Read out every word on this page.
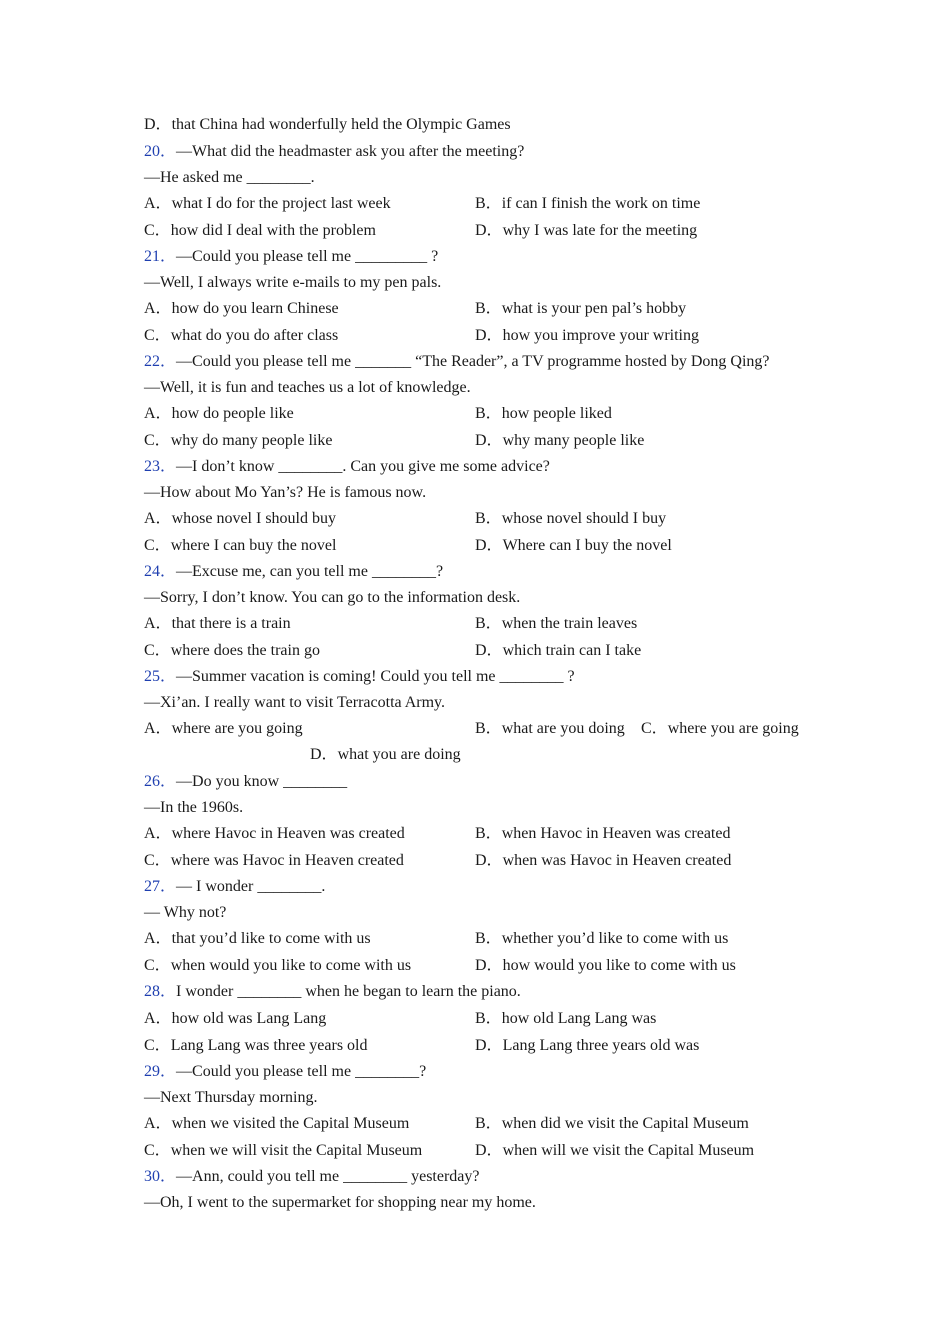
D．that China had wonderfully held the Olympic Games
20．—What did the headmaster ask you after the meeting?
—He asked me ________.
A．what I do for the project last week	B．if can I finish the work on time
C．how did I deal with the problem	D．why I was late for the meeting
21．—Could you please tell me _________ ?
—Well, I always write e-mails to my pen pals.
A．how do you learn Chinese	B．what is your pen pal’s hobby
C．what do you do after class	D．how you improve your writing
22．—Could you please tell me _______ “The Reader”, a TV programme hosted by Dong Qing?
—Well, it is fun and teaches us a lot of knowledge.
A．how do people like	B．how people liked
C．why do many people like	D．why many people like
23．—I don’t know ________. Can you give me some advice?
—How about Mo Yan’s? He is famous now.
A．whose novel I should buy	B．whose novel should I buy
C．where I can buy the novel	D．Where can I buy the novel
24．—Excuse me, can you tell me ________?
—Sorry, I don’t know. You can go to the information desk.
A．that there is a train	B．when the train leaves
C．where does the train go	D．which train can I take
25．—Summer vacation is coming! Could you tell me ________ ?
—Xi’an. I really want to visit Terracotta Army.
A．where are you going	B．what are you doing C．where you are going
D．what you are doing
26．—Do you know ________
—In the 1960s.
A．where Havoc in Heaven was created	B．when Havoc in Heaven was created
C．where was Havoc in Heaven created	D．when was Havoc in Heaven created
27．— I wonder ________.
— Why not?
A．that you’d like to come with us	B．whether you’d like to come with us
C．when would you like to come with us	D．how would you like to come with us
28．I wonder ________ when he began to learn the piano.
A．how old was Lang Lang	B．how old Lang Lang was
C．Lang Lang was three years old	D．Lang Lang three years old was
29．—Could you please tell me ________?
—Next Thursday morning.
A．when we visited the Capital Museum	B．when did we visit the Capital Museum
C．when we will visit the Capital Museum	D．when will we visit the Capital Museum
30．—Ann, could you tell me ________ yesterday?
—Oh, I went to the supermarket for shopping near my home.
